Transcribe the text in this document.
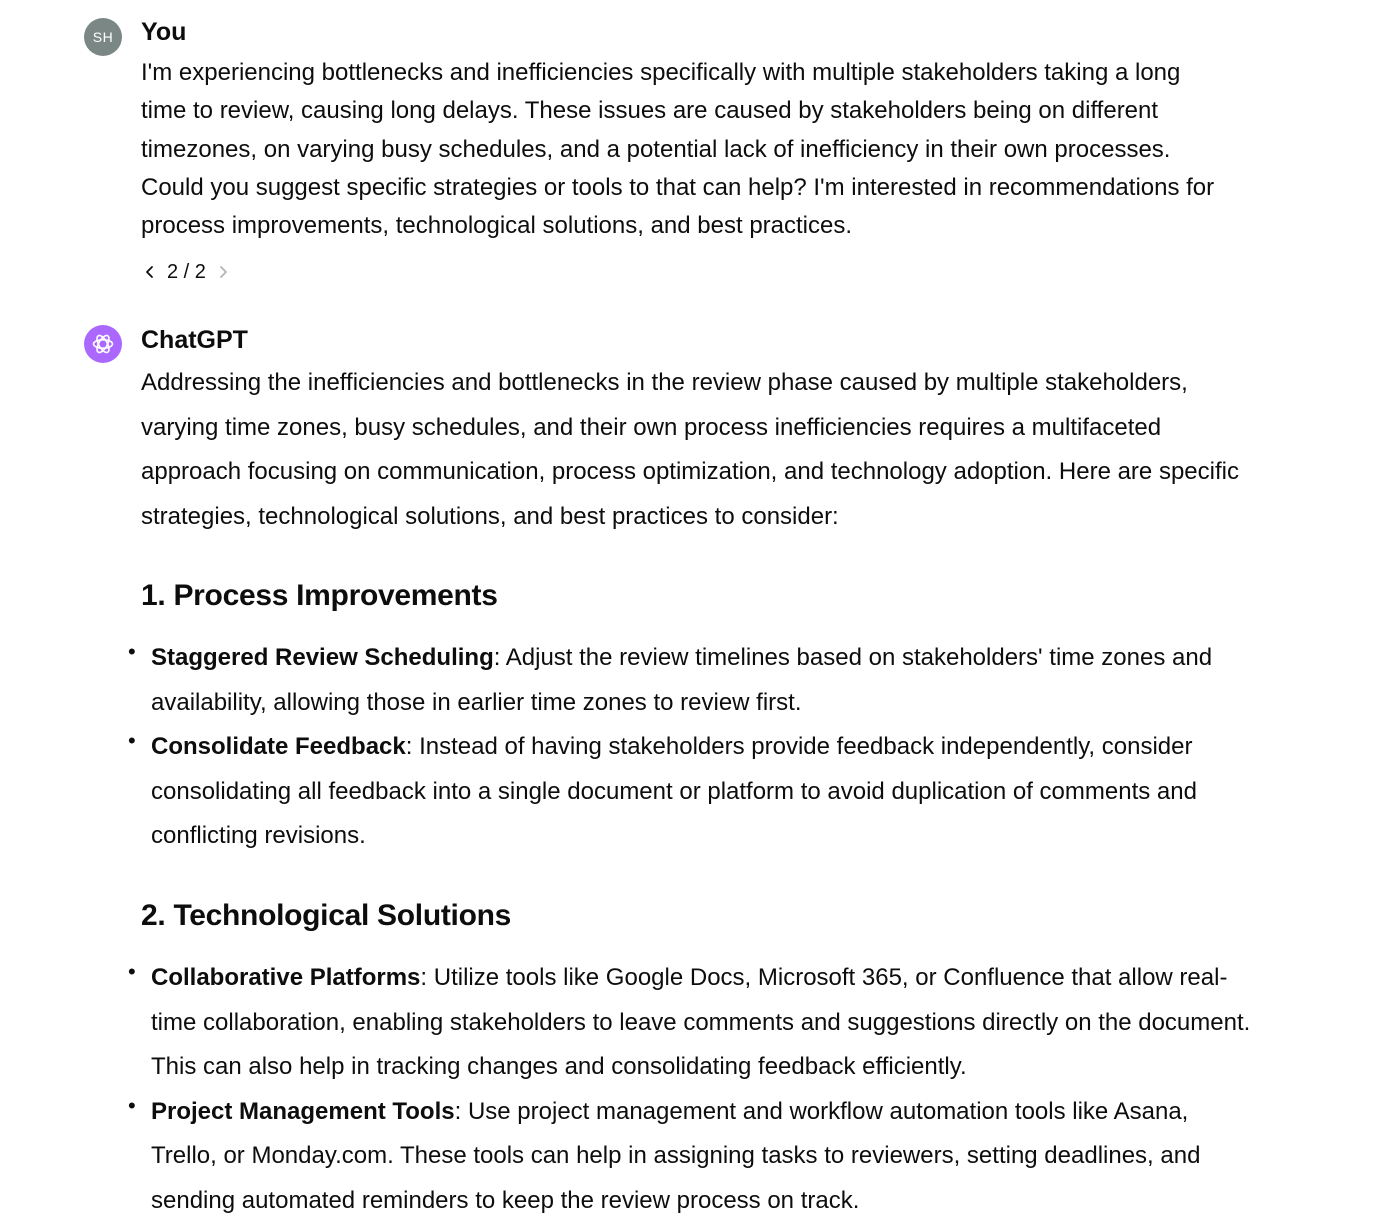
SH You

I'm experiencing bottlenecks and inefficiencies specifically with multiple stakeholders taking a long time to review, causing long delays. These issues are caused by stakeholders being on different timezones, on varying busy schedules, and a potential lack of inefficiency in their own processes. Could you suggest specific strategies or tools to that can help? I'm interested in recommendations for process improvements, technological solutions, and best practices.

2 / 2
ChatGPT

Addressing the inefficiencies and bottlenecks in the review phase caused by multiple stakeholders, varying time zones, busy schedules, and their own process inefficiencies requires a multifaceted approach focusing on communication, process optimization, and technology adoption. Here are specific strategies, technological solutions, and best practices to consider:

1. Process Improvements
• Staggered Review Scheduling: Adjust the review timelines based on stakeholders' time zones and availability, allowing those in earlier time zones to review first.
• Consolidate Feedback: Instead of having stakeholders provide feedback independently, consider consolidating all feedback into a single document or platform to avoid duplication of comments and conflicting revisions.
2. Technological Solutions
• Collaborative Platforms: Utilize tools like Google Docs, Microsoft 365, or Confluence that allow real-time collaboration, enabling stakeholders to leave comments and suggestions directly on the document. This can also help in tracking changes and consolidating feedback efficiently.
• Project Management Tools: Use project management and workflow automation tools like Asana, Trello, or Monday.com. These tools can help in assigning tasks to reviewers, setting deadlines, and sending automated reminders to keep the review process on track.
